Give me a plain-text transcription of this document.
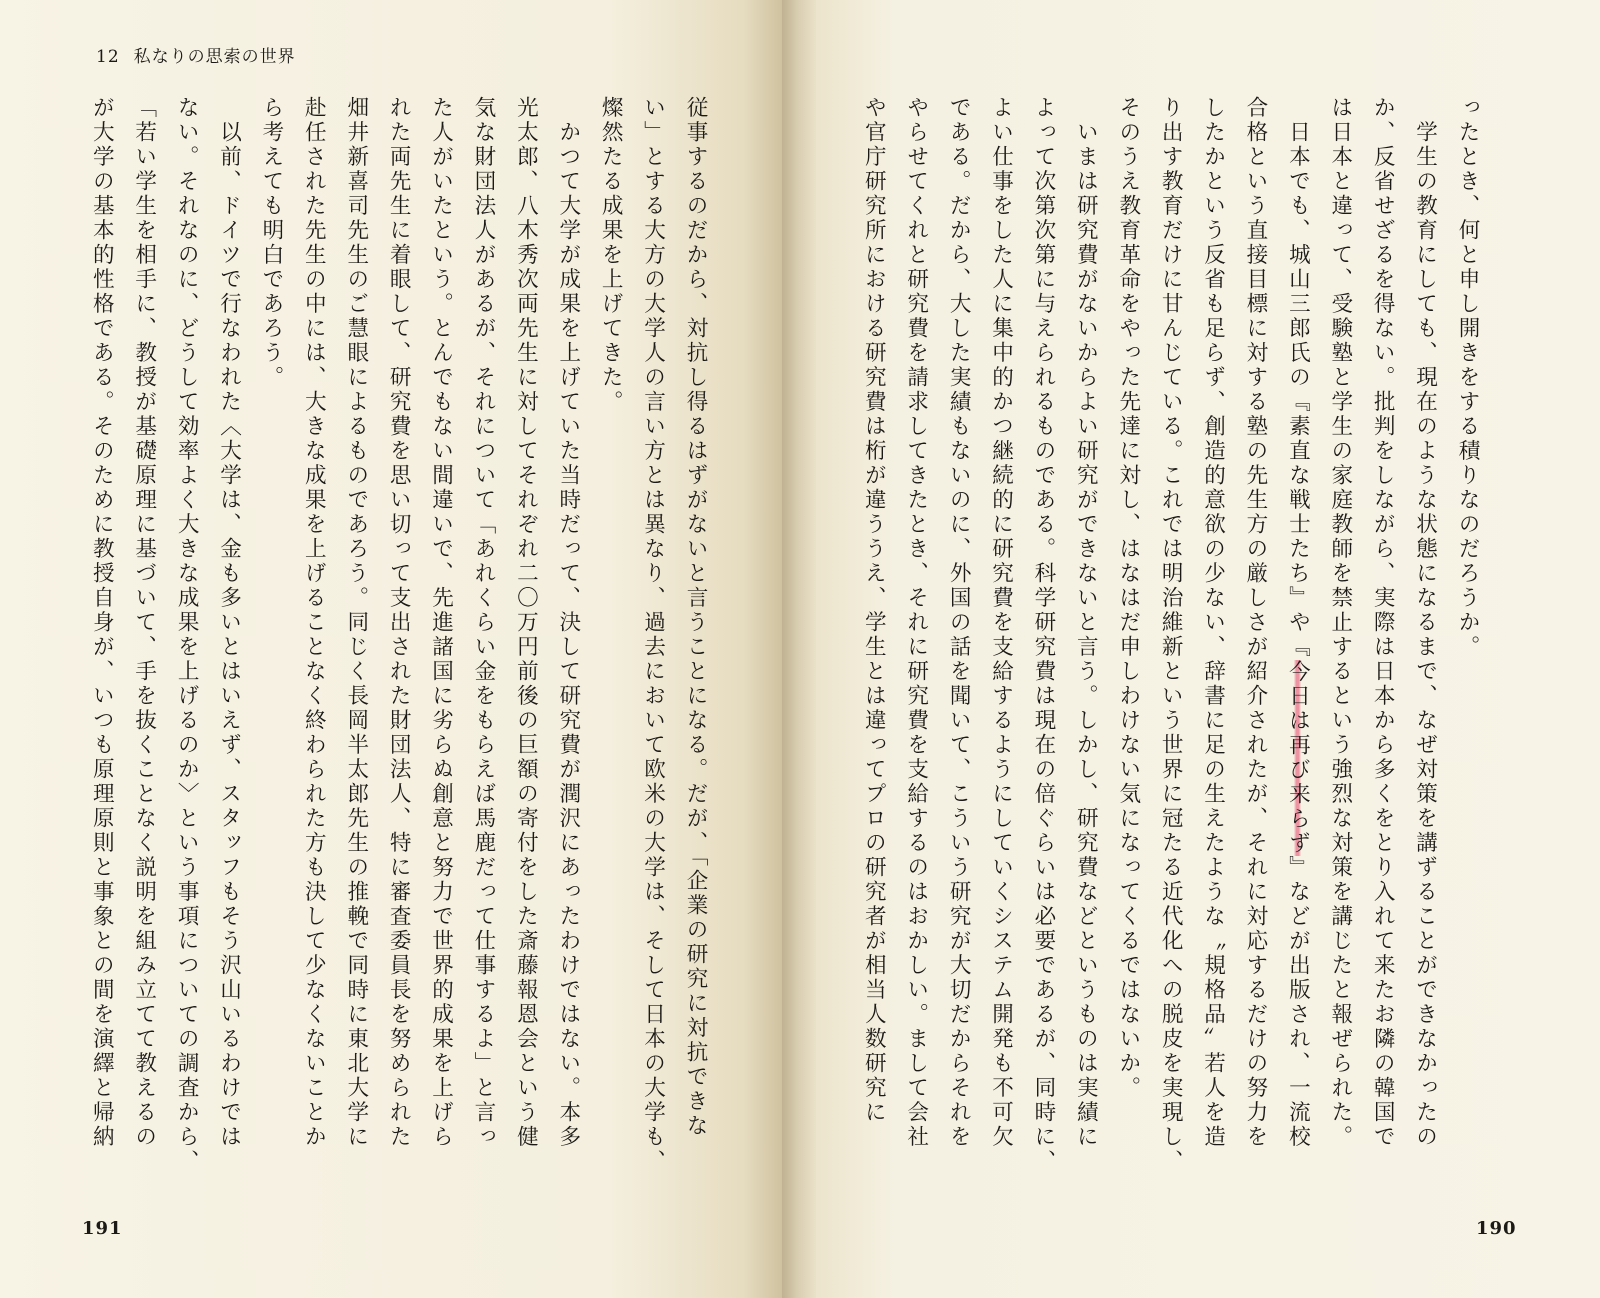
12 私なりの思索の世界
従事するのだから、対抗し得るはずがないと言うことになる。だが、「企業の研究に対抗できな
い」とする大方の大学人の言い方とは異なり、過去において欧米の大学は、そして日本の大学も、
燦然たる成果を上げてきた。
　かつて大学が成果を上げていた当時だって、決して研究費が潤沢にあったわけではない。本多
光太郎、八木秀次両先生に対してそれぞれ二〇万円前後の巨額の寄付をした斎藤報恩会という健
気な財団法人があるが、それについて「あれくらい金をもらえば馬鹿だって仕事するよ」と言っ
た人がいたという。とんでもない間違いで、先進諸国に劣らぬ創意と努力で世界的成果を上げら
れた両先生に着眼して、研究費を思い切って支出された財団法人、特に審査委員長を努められた
畑井新喜司先生のご慧眼によるものであろう。同じく長岡半太郎先生の推輓で同時に東北大学に
赴任された先生の中には、大きな成果を上げることなく終わられた方も決して少なくないことか
ら考えても明白であろう。
　以前、ドイツで行なわれた〈大学は、金も多いとはいえず、スタッフもそう沢山いるわけでは
ない。それなのに、どうして効率よく大きな成果を上げるのか〉という事項についての調査から、
「若い学生を相手に、教授が基礎原理に基づいて、手を抜くことなく説明を組み立てて教えるの
が大学の基本的性格である。そのために教授自身が、いつも原理原則と事象との間を演繹と帰納
191
ったとき、何と申し開きをする積りなのだろうか。
　学生の教育にしても、現在のような状態になるまで、なぜ対策を講ずることができなかったの
か、反省せざるを得ない。批判をしながら、実際は日本から多くをとり入れて来たお隣の韓国で
は日本と違って、受験塾と学生の家庭教師を禁止するという強烈な対策を講じたと報ぜられた。
　日本でも、城山三郎氏の『素直な戦士たち』や『今日は再び来らず』などが出版され、一流校
合格という直接目標に対する塾の先生方の厳しさが紹介されたが、それに対応するだけの努力を
したかという反省も足らず、創造的意欲の少ない、辞書に足の生えたような〝規格品〟若人を造
り出す教育だけに甘んじている。これでは明治維新という世界に冠たる近代化への脱皮を実現し、
そのうえ教育革命をやった先達に対し、はなはだ申しわけない気になってくるではないか。
　いまは研究費がないからよい研究ができないと言う。しかし、研究費などというものは実績に
よって次第次第に与えられるものである。科学研究費は現在の倍ぐらいは必要であるが、同時に、
よい仕事をした人に集中的かつ継続的に研究費を支給するようにしていくシステム開発も不可欠
である。だから、大した実績もないのに、外国の話を聞いて、こういう研究が大切だからそれを
やらせてくれと研究費を請求してきたとき、それに研究費を支給するのはおかしい。まして会社
や官庁研究所における研究費は桁が違ううえ、学生とは違ってプロの研究者が相当人数研究に
190
